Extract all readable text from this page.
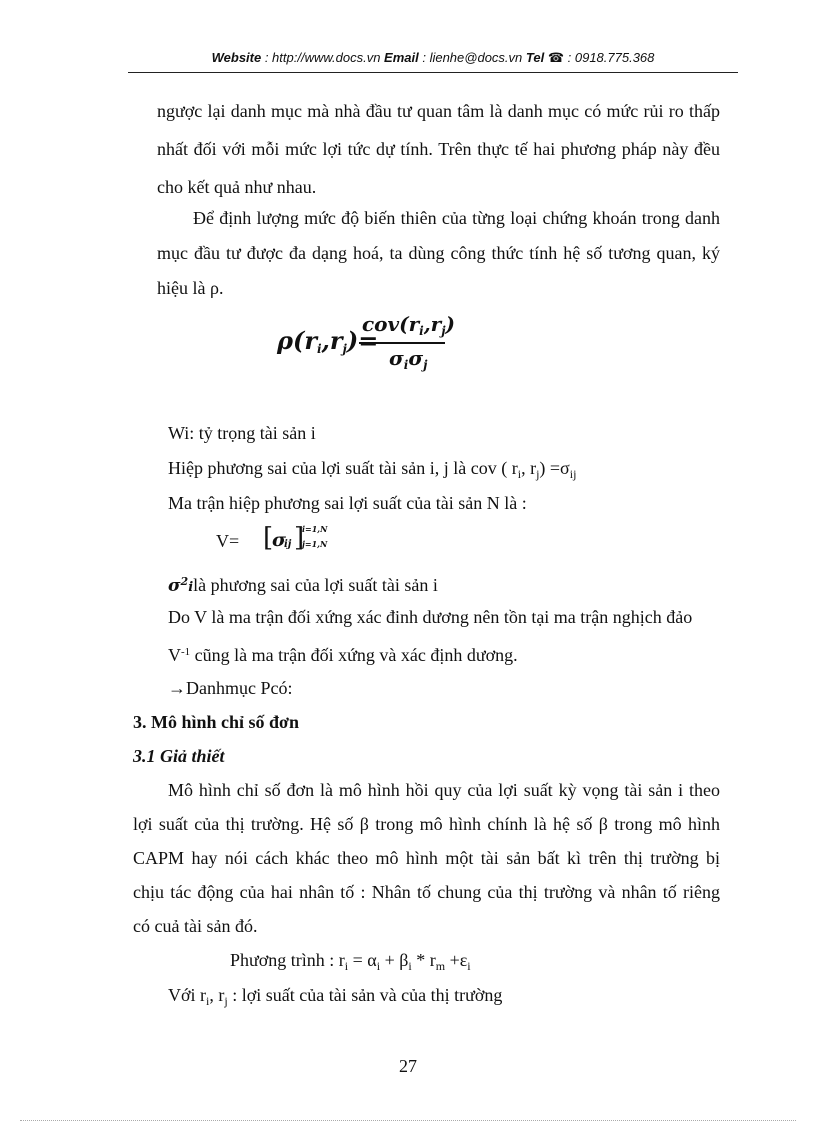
Website : http://www.docs.vn Email : lienhe@docs.vn Tel ☎ : 0918.775.368
ngược lại danh mục mà nhà đầu tư quan tâm là danh mục có mức rủi ro thấp
nhất đối với mỗi mức lợi tức dự tính. Trên thực tế hai phương pháp này đều
cho kết quả như nhau.
Để định lượng mức độ biến thiên của từng loại chứng khoán trong danh
mục đầu tư được đa dạng hoá, ta dùng công thức tính hệ số tương quan, ký
hiệu là ρ.
$\rho(r_i,r_j)=$
$cov(r_i,r_j)$
$\sigma_i\sigma_j$
Wi: tỷ trọng tài sản i
Hiệp phương sai của lợi suất tài sản i, j là cov ( $r_i$, $r_j) =\sigma_{ij}$
Ma trận hiệp phương sai lợi suất của tài sản N là :
V= [
σ
ij ]
i=1,N
j=1,N
$\sigma^2ilà$ phương sai của lợi suất tài sản i
Do V là ma trận đối xứng xác đinh dương nên tồn tại ma trận nghịch đảo
$V^{-1}$ cũng là ma trận đối xứng và xác định dương.
→Danhmục Pcó:
3. Mô hình chỉ số đơn
3.1 Giả thiết
Mô hình chỉ số đơn là mô hình hồi quy của lợi suất kỳ vọng tài sản i theo
lợi suất của thị trường. Hệ số β trong mô hình chính là hệ số β trong mô hình
CAPM hay nói cách khác theo mô hình một tài sản bất kì trên thị trường bị
chịu tác động của hai nhân tố : Nhân tố chung của thị trường và nhân tố riêng
có cuả tài sản đó.
Phương trình : $r_i = \alpha_i + \beta_i * r_m +\varepsilon_i$
Với $r_i$, $r_j$ : lợi suất của tài sản và của thị trường
27
